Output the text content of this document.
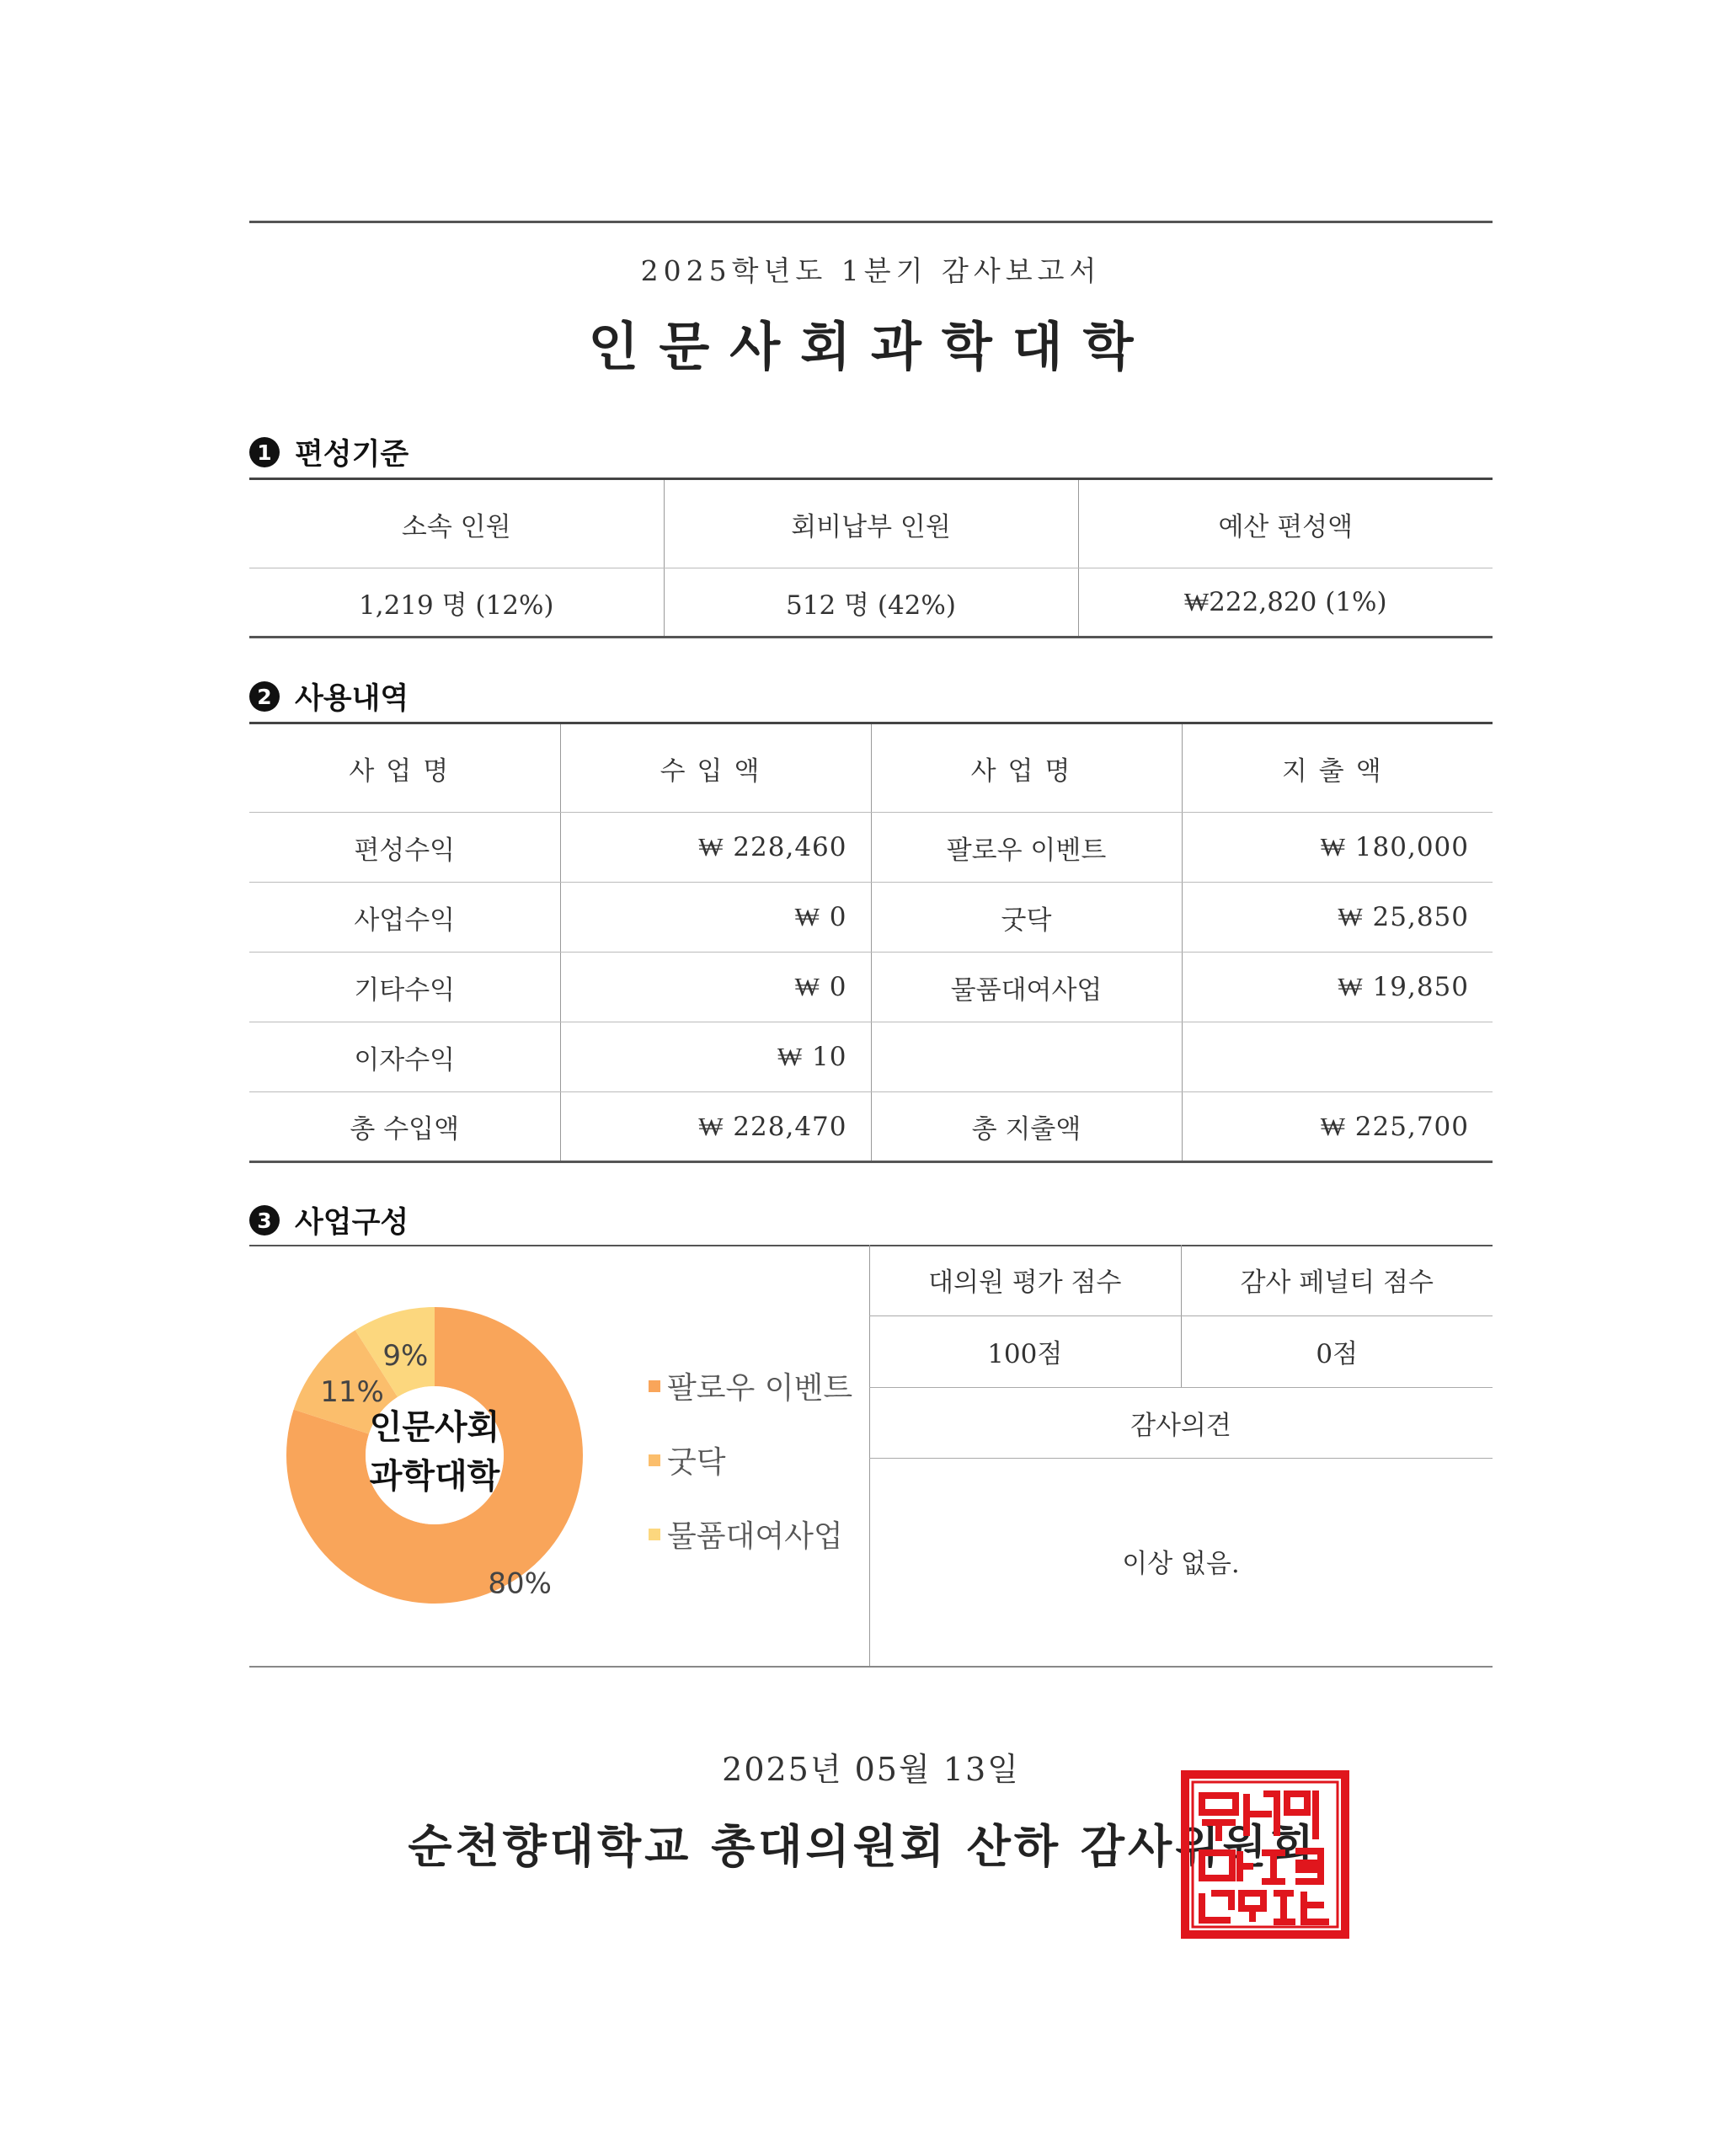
2025학년도 1분기 감사보고서
인문사회과학대학
1 편성기준
소속 인원	회비납부 인원	예산 편성액
1,219 명 (12%)	512 명 (42%)	₩222,820 (1%)
2 사용내역
사업명	수입액	사업명	지출액
편성수익	₩ 228,460	팔로우 이벤트	₩ 180,000
사업수익	₩ 0	굿닥	₩ 25,850
기타수익	₩ 0	물품대여사업	₩ 19,850
이자수익	₩ 10		
총 수입액	₩ 228,470	총 지출액	₩ 225,700
3 사업구성
인문사회
과학대학
80%
11%
9%
팔로우 이벤트
굿닥
물품대여사업
대의원 평가 점수	감사 페널티 점수
100점	0점
감사의견	
이상 없음.	
2025년 05월 13일
순천향대학교 총대의원회 산하 감사위원회
